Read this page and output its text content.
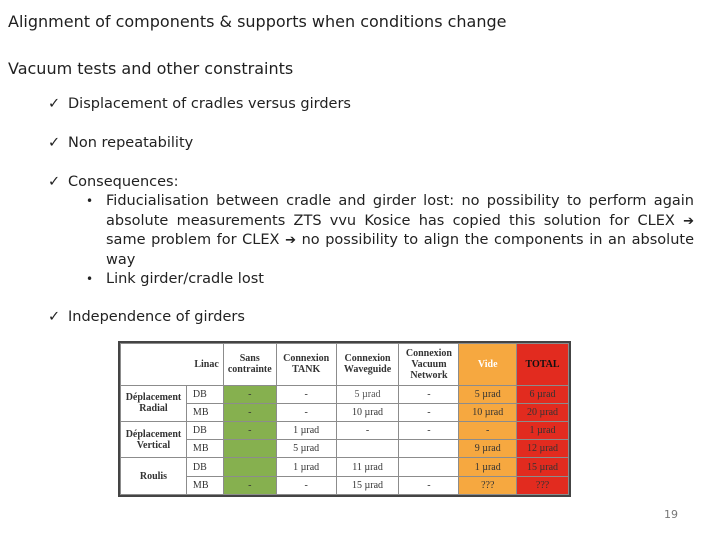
Alignment of components & supports when conditions change
Vacuum tests and other constraints
✓ Displacement of cradles versus girders
✓ Non repeatability
✓ Consequences:
• Fiducialisation between cradle and girder lost: no possibility to perform again absolute measurements ZTS vvu Kosice has copied this solution for CLEX ➔ same problem for CLEX ➔ no possibility to align the components in an absolute way
• Link girder/cradle lost
✓ Independence of girders
Linac		Sans contrainte	Connexion TANK	Connexion Waveguide	Connexion Vacuum Network	Vide	TOTAL
Déplacement Radial	DB	-	-	5 µrad	-	5 µrad	6 µrad
	MB	-	-	10 µrad	-	10 µrad	20 µrad
Déplacement Vertical	DB	-	1 µrad	-	-	-	1 µrad
	MB		5 µrad			9 µrad	12 µrad
Roulis	DB		1 µrad	11 µrad		1 µrad	15 µrad
	MB	-	-	15 µrad	-	???	???
19
